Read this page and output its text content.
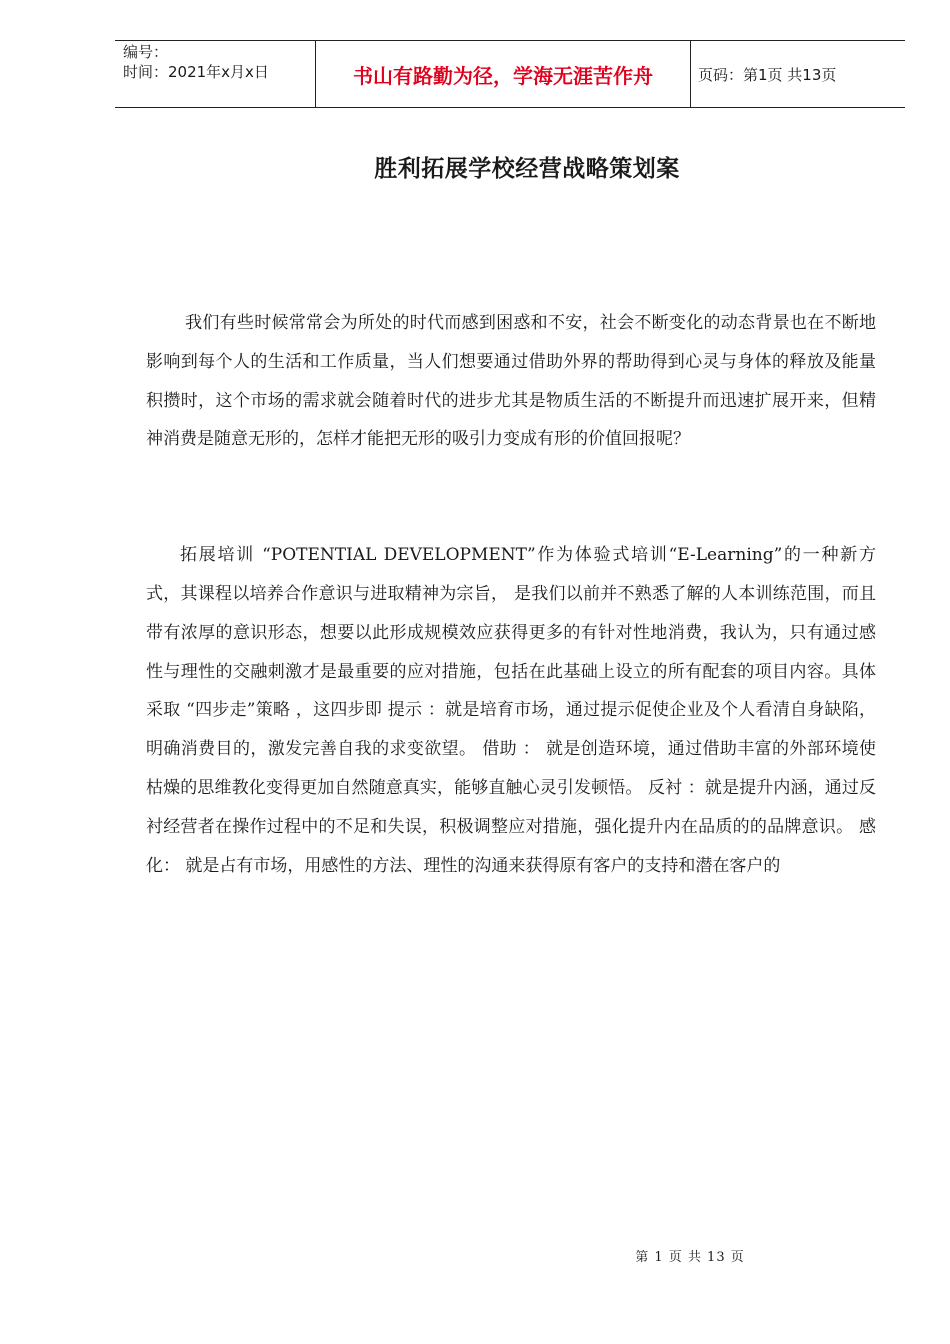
编号：
时间：2021年x月x日	书山有路勤为径，学海无涯苦作舟	页码：第1页 共13页
胜利拓展学校经营战略策划案

我们有些时候常常会为所处的时代而感到困惑和不安，社会不断变化的动态背景也在不断地影响到每个人的生活和工作质量，当人们想要通过借助外界的帮助得到心灵与身体的释放及能量积攒时，这个市场的需求就会随着时代的进步尤其是物质生活的不断提升而迅速扩展开来，但精神消费是随意无形的，怎样才能把无形的吸引力变成有形的价值回报呢？

拓展培训 “POTENTIAL DEVELOPMENT”作为体验式培训“E-Learning”的一种新方式，其课程以培养合作意识与进取精神为宗旨， 是我们以前并不熟悉了解的人本训练范围，而且带有浓厚的意识形态，想要以此形成规模效应获得更多的有针对性地消费，我认为，只有通过感性与理性的交融刺激才是最重要的应对措施，包括在此基础上设立的所有配套的项目内容。具体采取 “四步走”策略 ，这四步即 提示 ：就是培育市场，通过提示促使企业及个人看清自身缺陷，明确消费目的，激发完善自我的求变欲望。 借助 ： 就是创造环境，通过借助丰富的外部环境使枯燥的思维教化变得更加自然随意真实，能够直触心灵引发顿悟。 反衬 ：就是提升内涵，通过反衬经营者在操作过程中的不足和失误，积极调整应对措施，强化提升内在品质的的品牌意识。 感化： 就是占有市场，用感性的方法、理性的沟通来获得原有客户的支持和潜在客户的

第 1 页 共 13 页
